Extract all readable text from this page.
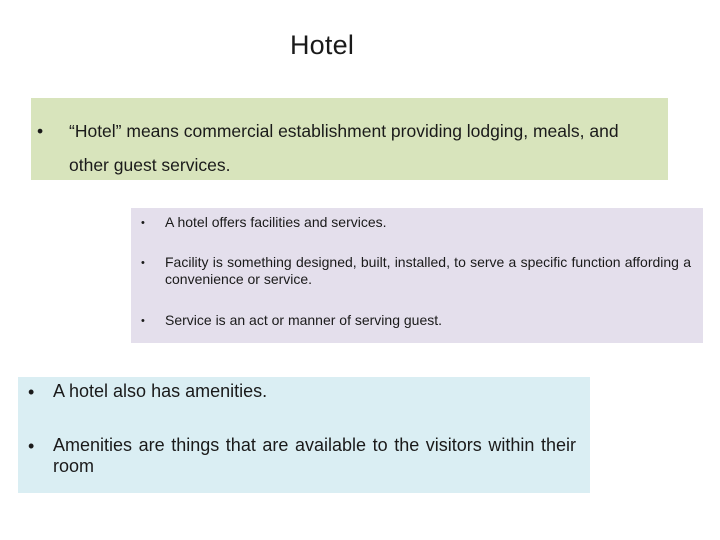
Hotel
•	“Hotel” means commercial establishment providing lodging, meals, and
other guest services.
•	A hotel offers facilities and services.
•	Facility is something designed, built, installed, to serve a specific function affording a convenience or service.
•	Service is an act or manner of serving guest.
•	A hotel also has amenities.
•	Amenities are things that are available to the visitors within their room
